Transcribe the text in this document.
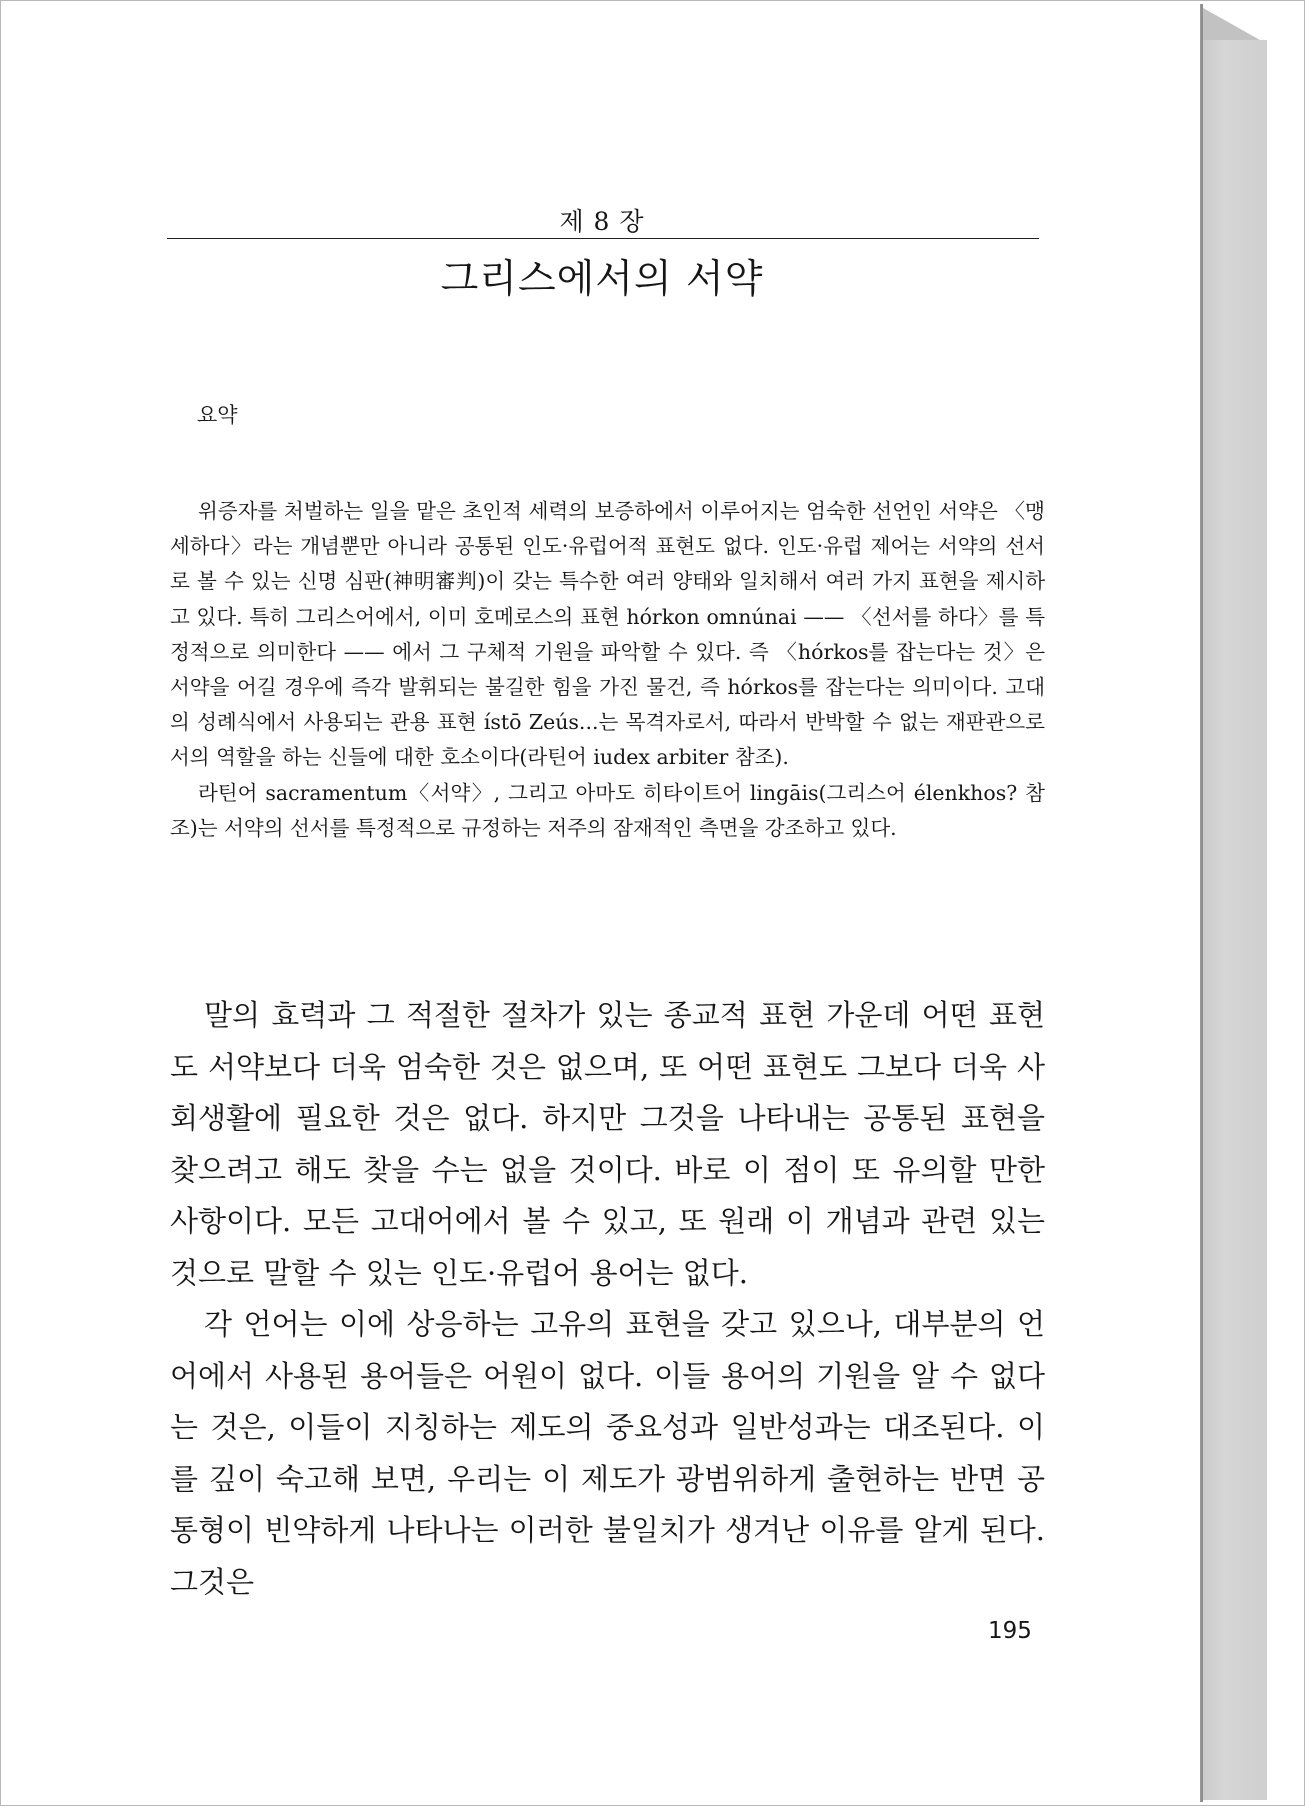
제 8 장
그리스에서의 서약
요약

위증자를 처벌하는 일을 맡은 초인적 세력의 보증하에서 이루어지는 엄숙한 선언인 서약은 〈맹세하다〉라는 개념뿐만 아니라 공통된 인도·유럽어적 표현도 없다. 인도·유럽 제어는 서약의 선서로 볼 수 있는 신명 심판(神明審判)이 갖는 특수한 여러 양태와 일치해서 여러 가지 표현을 제시하고 있다. 특히 그리스어에서, 이미 호메로스의 표현 hórkon omnúnai —— 〈선서를 하다〉를 특정적으로 의미한다 —— 에서 그 구체적 기원을 파악할 수 있다. 즉 〈hórkos를 잡는다는 것〉은 서약을 어길 경우에 즉각 발휘되는 불길한 힘을 가진 물건, 즉 hórkos를 잡는다는 의미이다. 고대의 성례식에서 사용되는 관용 표현 ístō Zeús...는 목격자로서, 따라서 반박할 수 없는 재판관으로서의 역할을 하는 신들에 대한 호소이다(라틴어 iudex arbiter 참조).

라틴어 sacramentum〈서약〉, 그리고 아마도 히타이트어 lingāis(그리스어 élenkhos? 참조)는 서약의 선서를 특정적으로 규정하는 저주의 잠재적인 측면을 강조하고 있다.

말의 효력과 그 적절한 절차가 있는 종교적 표현 가운데 어떤 표현도 서약보다 더욱 엄숙한 것은 없으며, 또 어떤 표현도 그보다 더욱 사회생활에 필요한 것은 없다. 하지만 그것을 나타내는 공통된 표현을 찾으려고 해도 찾을 수는 없을 것이다. 바로 이 점이 또 유의할 만한 사항이다. 모든 고대어에서 볼 수 있고, 또 원래 이 개념과 관련 있는 것으로 말할 수 있는 인도·유럽어 용어는 없다.

각 언어는 이에 상응하는 고유의 표현을 갖고 있으나, 대부분의 언어에서 사용된 용어들은 어원이 없다. 이들 용어의 기원을 알 수 없다는 것은, 이들이 지칭하는 제도의 중요성과 일반성과는 대조된다. 이를 깊이 숙고해 보면, 우리는 이 제도가 광범위하게 출현하는 반면 공통형이 빈약하게 나타나는 이러한 불일치가 생겨난 이유를 알게 된다. 그것은

195
